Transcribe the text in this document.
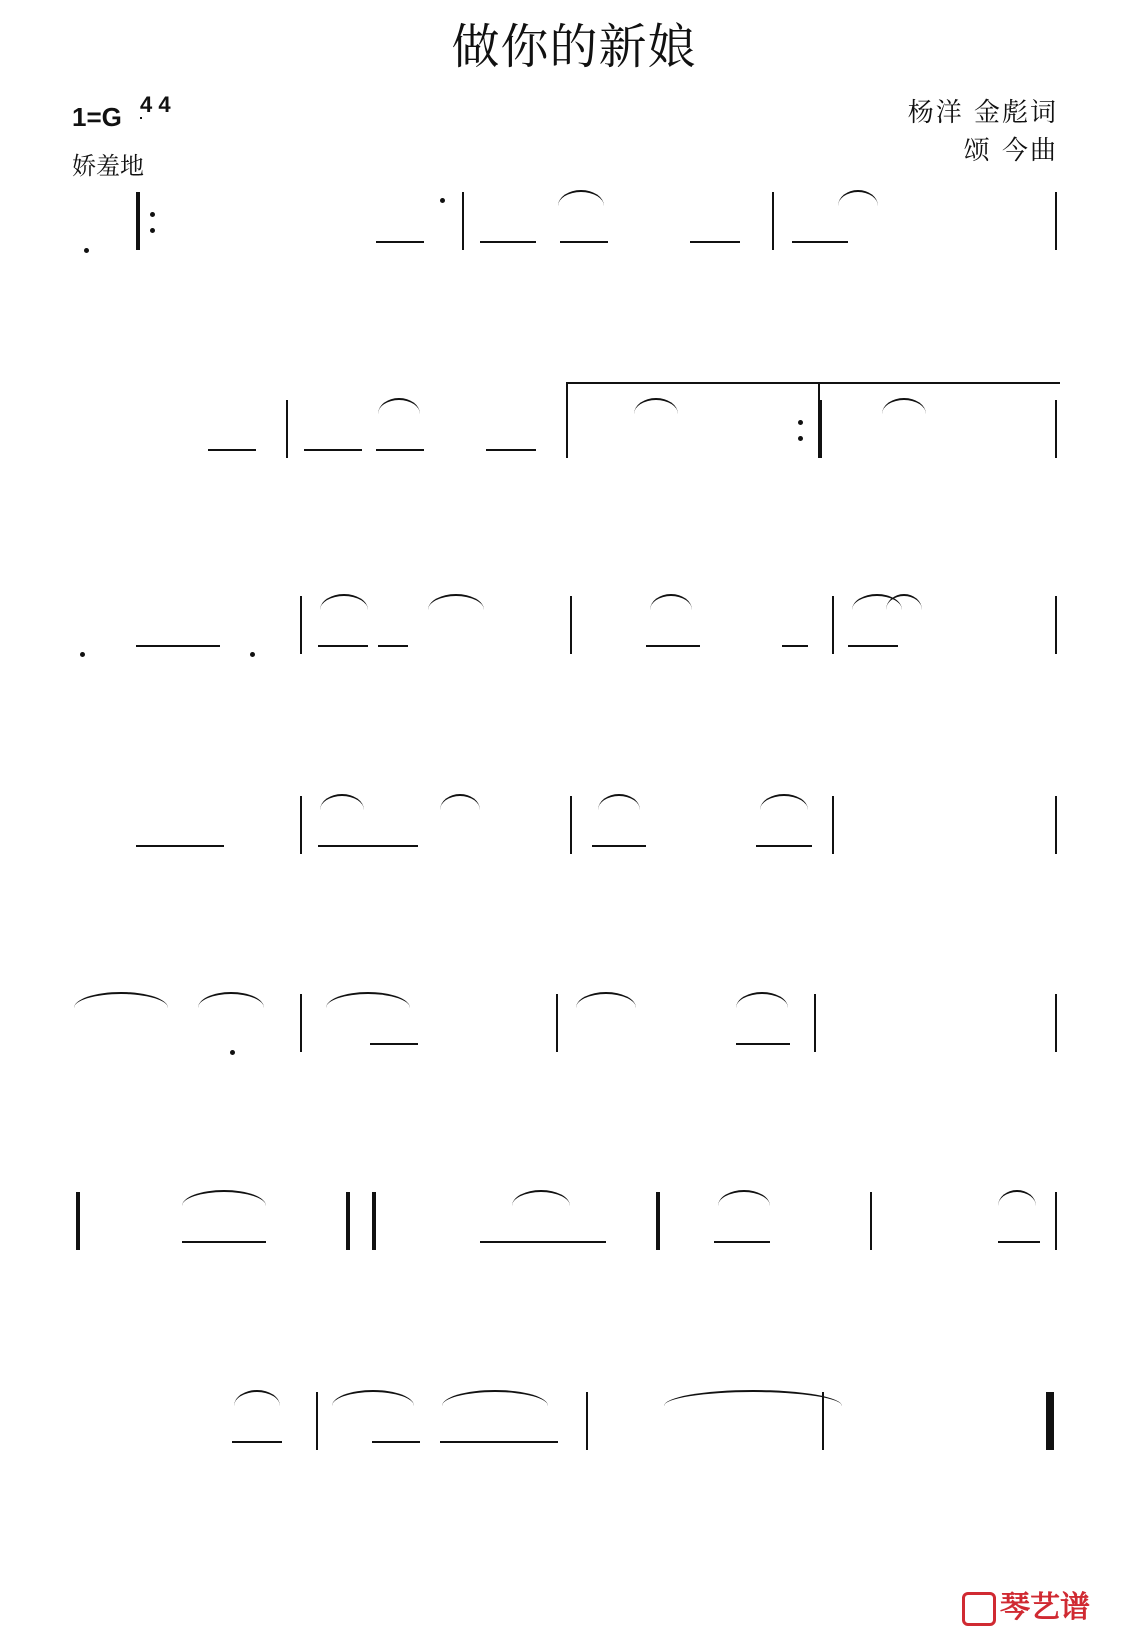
做你的新娘
1=G 4 4
娇羞地
杨洋 金彪词
颂 今曲
琴艺谱
